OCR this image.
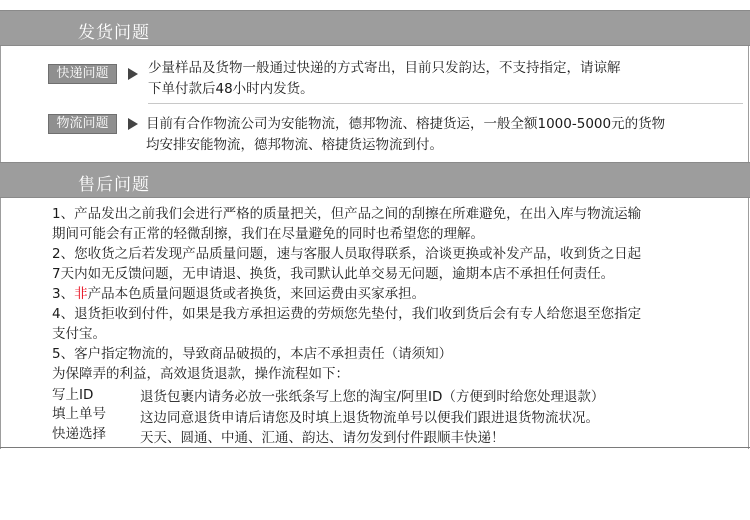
发货问题
快递问题	少量样品及货物一般通过快递的方式寄出，目前只发韵达，不支持指定，请谅解
下单付款后48小时内发货。
物流问题	目前有合作物流公司为安能物流，德邦物流、榕捷货运，一般全额1000-5000元的货物
均安排安能物流，德邦物流、榕捷货运物流到付。
售后问题
1、产品发出之前我们会进行严格的质量把关，但产品之间的刮擦在所难避免，在出入库与物流运输
期间可能会有正常的轻微刮擦，我们在尽量避免的同时也希望您的理解。
2、您收货之后若发现产品质量问题，速与客服人员取得联系，洽谈更换或补发产品，收到货之日起
7天内如无反馈问题，无申请退、换货，我司默认此单交易无问题，逾期本店不承担任何责任。
3、非产品本色质量问题退货或者换货，来回运费由买家承担。
4、退货拒收到付件，如果是我方承担运费的劳烦您先垫付，我们收到货后会有专人给您退至您指定
支付宝。
5、客户指定物流的，导致商品破损的，本店不承担责任（请须知）
为保障弄的利益，高效退货退款，操作流程如下：
写上ID	退货包裹内请务必放一张纸条写上您的淘宝/阿里ID（方便到时给您处理退款）
填上单号	这边同意退货申请后请您及时填上退货物流单号以便我们跟进退货物流状况。
快递选择	天天、圆通、中通、汇通、韵达、请勿发到付件跟顺丰快递！
